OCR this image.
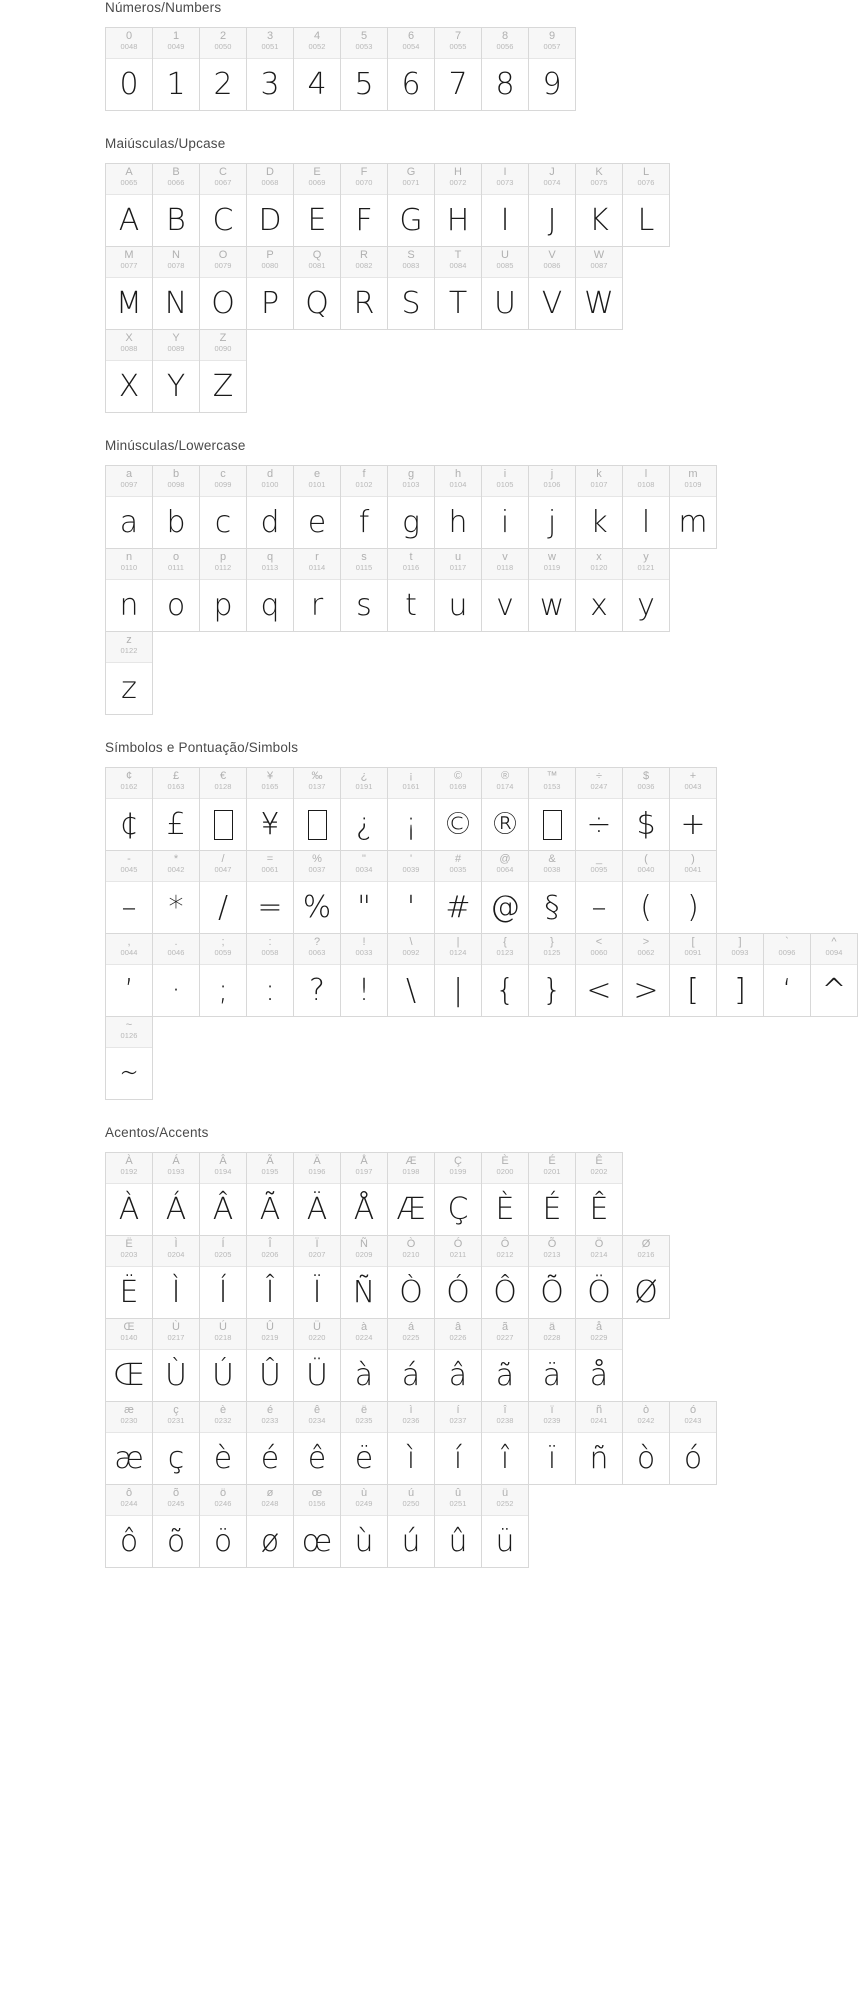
Números/Numbers
0
0048
0
1
0049
1
2
0050
2
3
0051
3
4
0052
4
5
0053
5
6
0054
6
7
0055
7
8
0056
8
9
0057
9
Maiúsculas/Upcase
A
0065
A
B
0066
B
C
0067
C
D
0068
D
E
0069
E
F
0070
F
G
0071
G
H
0072
H
I
0073
I
J
0074
J
K
0075
K
L
0076
L
M
0077
M
N
0078
N
O
0079
O
P
0080
P
Q
0081
Q
R
0082
R
S
0083
S
T
0084
T
U
0085
U
V
0086
V
W
0087
W
X
0088
X
Y
0089
Y
Z
0090
Z
Minúsculas/Lowercase
a
0097
a
b
0098
b
c
0099
c
d
0100
d
e
0101
e
f
0102
f
g
0103
g
h
0104
h
i
0105
i
j
0106
j
k
0107
k
l
0108
l
m
0109
m
n
0110
n
o
0111
o
p
0112
p
q
0113
q
r
0114
r
s
0115
s
t
0116
t
u
0117
u
v
0118
v
w
0119
w
x
0120
x
y
0121
y
z
0122
z
Símbolos e Pontuação/Simbols
¢
0162
¢
£
0163
£
€
0128
¥
0165
¥
‰
0137
¿
0191
¿
¡
0161
¡
©
0169
©
®
0174
®
™
0153
÷
0247
÷
$
0036
$
+
0043
+
-
0045
–
*
0042
*
/
0047
/
=
0061
=
%
0037
%
"
0034
"
'
0039
'
#
0035
#
@
0064
@
&
0038
§
_
0095
–
(
0040
(
)
0041
)
,
0044
’
.
0046
·
;
0059
;
:
0058
:
?
0063
?
!
0033
!
\
0092
\
|
0124
|
{
0123
{
}
0125
}
<
0060
<
>
0062
>
[
0091
[
]
0093
]
`
0096
‘
^
0094
^
~
0126
∼
Acentos/Accents
À
0192
À
Á
0193
Á
Â
0194
Â
Ã
0195
Ã
Ä
0196
Ä
Å
0197
Å
Æ
0198
Æ
Ç
0199
Ç
È
0200
È
É
0201
É
Ê
0202
Ê
Ë
0203
Ë
Ì
0204
Ì
Í
0205
Í
Î
0206
Î
Ï
0207
Ï
Ñ
0209
Ñ
Ò
0210
Ò
Ó
0211
Ó
Ô
0212
Ô
Õ
0213
Õ
Ö
0214
Ö
Ø
0216
Ø
Œ
0140
Œ
Ù
0217
Ù
Ú
0218
Ú
Û
0219
Û
Ü
0220
Ü
à
0224
à
á
0225
á
â
0226
â
ã
0227
ã
ä
0228
ä
å
0229
å
æ
0230
æ
ç
0231
ç
è
0232
è
é
0233
é
ê
0234
ê
ë
0235
ë
ì
0236
ì
í
0237
í
î
0238
î
ï
0239
ï
ñ
0241
ñ
ò
0242
ò
ó
0243
ó
ô
0244
ô
õ
0245
õ
ö
0246
ö
ø
0248
ø
œ
0156
œ
ù
0249
ù
ú
0250
ú
û
0251
û
ü
0252
ü
